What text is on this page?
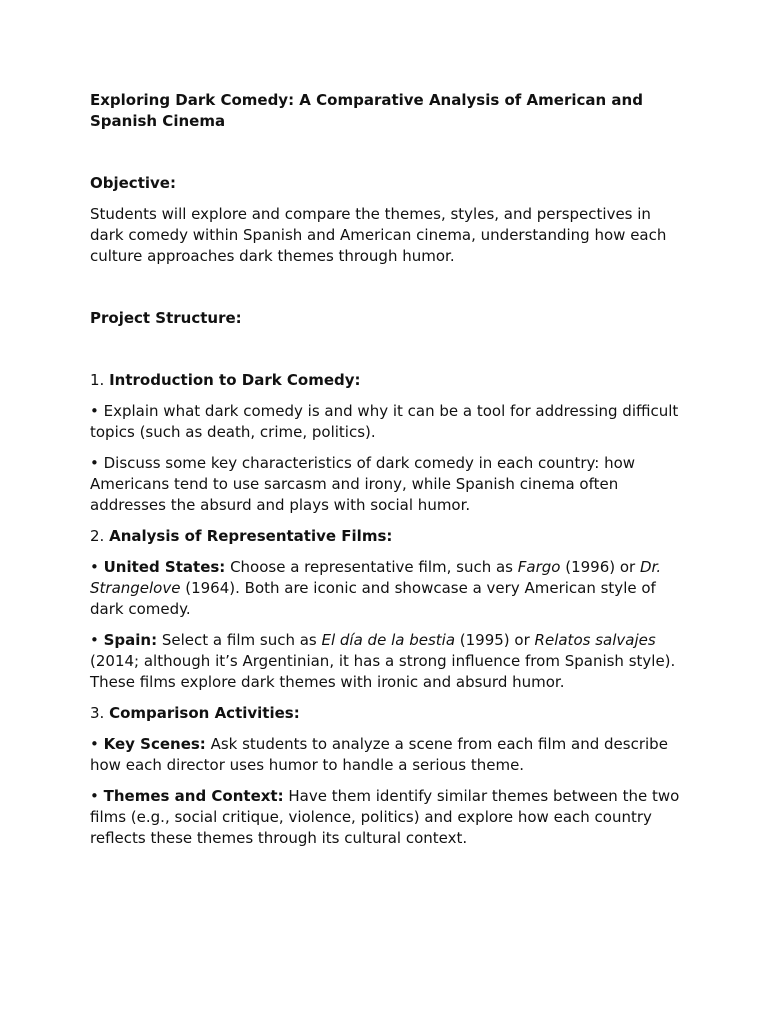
Exploring Dark Comedy: A Comparative Analysis of American and Spanish Cinema

Objective:

Students will explore and compare the themes, styles, and perspectives in dark comedy within Spanish and American cinema, understanding how each culture approaches dark themes through humor.

Project Structure:

1. Introduction to Dark Comedy:

• Explain what dark comedy is and why it can be a tool for addressing difficult topics (such as death, crime, politics).

• Discuss some key characteristics of dark comedy in each country: how Americans tend to use sarcasm and irony, while Spanish cinema often addresses the absurd and plays with social humor.

2. Analysis of Representative Films:

• United States: Choose a representative film, such as Fargo (1996) or Dr. Strangelove (1964). Both are iconic and showcase a very American style of dark comedy.

• Spain: Select a film such as El día de la bestia (1995) or Relatos salvajes (2014; although it’s Argentinian, it has a strong influence from Spanish style). These films explore dark themes with ironic and absurd humor.

3. Comparison Activities:

• Key Scenes: Ask students to analyze a scene from each film and describe how each director uses humor to handle a serious theme.

• Themes and Context: Have them identify similar themes between the two films (e.g., social critique, violence, politics) and explore how each country reflects these themes through its cultural context.
